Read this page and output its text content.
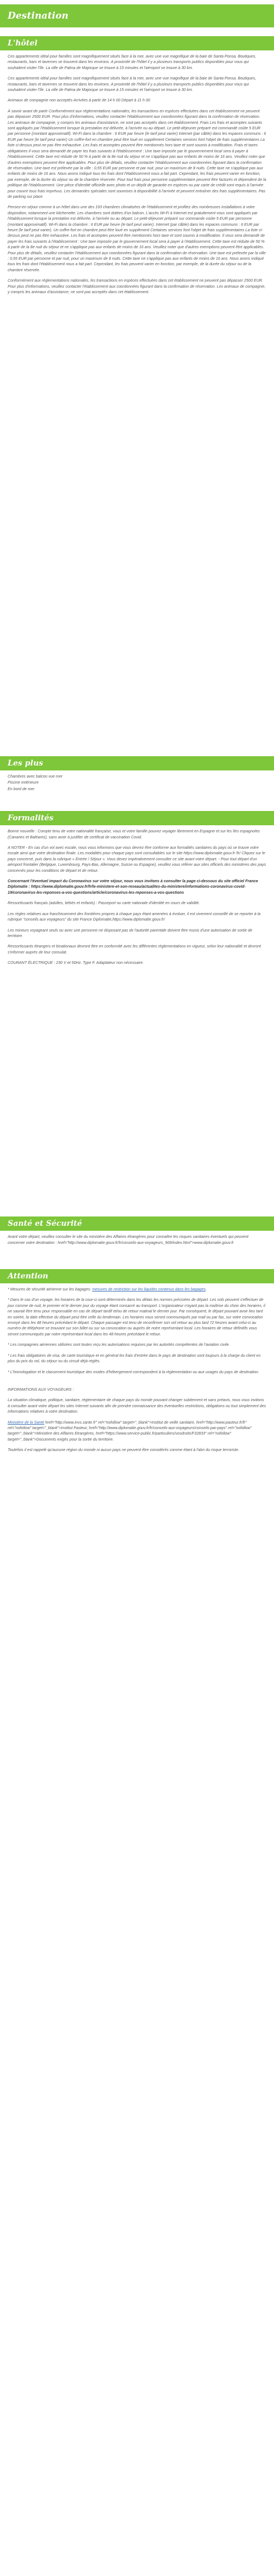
Destination
L'hôtel

Ces appartements idéal pour familles sont magnifiquement situés face à la mer, avec une vue magnifique de la baie de Santa Ponsa. Boutiques, restaurants, bars et tavernes se trouvent dans les environs. A proximité de l'hôtel il y a plusieurs transports publics disponibles pour vous qui souhaitent visiter l'île. La ville de Palma de Majorque se trouve à 15 minutes et l'aéroport se trouve à 30 km.

Ces appartements idéal pour familles sont magnifiquement situés face à la mer, avec une vue magnifique de la baie de Santa Ponsa. Boutiques, restaurants, bars et tavernes se trouvent dans les environs. A proximité de l'hôtel il y a plusieurs transports publics disponibles pour vous qui souhaitent visiter l'île. La ville de Palma de Majorque se trouve à 15 minutes et l'aéroport se trouve à 30 km.

Animaux de compagnie non acceptés Arrivées à partir de 14 h 00 Départ à 11 h 00

À savoir avant de partir Conformément aux réglementations nationales, les transactions en espèces effectuées dans cet établissement ne peuvent pas dépasser 2500 EUR. Pour plus d'informations, veuillez contacter l'établissement aux coordonnées figurant dans la confirmation de réservation. Les animaux de compagnie, y compris les animaux d'assistance, ne sont pas acceptés dans cet établissement. Frais Les frais et acomptes suivants sont appliqués par l'établissement lorsque la prestation est délivrée, à l'arrivée ou au départ. Le petit-déjeuner préparé est commandé coûte 5 EUR par personne (montant approximatif). Wi-Fi dans la chambre : 6 EUR par heure (le tarif peut varier) Internet (par câble) dans les espaces communs : 6 EUR par heure (le tarif peut varier) Un coffre-fort en chambre peut être loué en supplément Certaines services font l'objet de frais supplémentaires La liste ci-dessus peut ne pas être exhaustive. Les frais et acomptes peuvent être mentionnés hors taxe et sont soumis à modification. Frais et taxes obligatoires Il vous sera demandé de payer les frais suivants à l'établissement : Une taxe imposée par le gouvernement local sera à payer à l'établissement. Cette taxe est réduite de 50 % à partir de la 8e nuit du séjour et ne s'applique pas aux enfants de moins de 16 ans. Veuillez noter que d'autres exemptions peuvent être applicables. Pour plus de détails, veuillez contacter l'établissement aux coordonnées figurant dans la confirmation de réservation. Une taxe est prélevée par la ville : 0,55 EUR par personne et par nuit, pour un maximum de 8 nuits. Cette taxe ne s'applique pas aux enfants de moins de 16 ans. Nous avons indiqué tous les frais dont l'établissement nous a fait part. Cependant, les frais peuvent varier en fonction, par exemple, de la durée du séjour ou de la chambre réservée. Pour tout frais pour personne supplémentaire peuvent être facturés et dépendent de la politique de l'établissement. Une pièce d'identité officielle avec photo et un dépôt de garantie en espèces ou par carte de crédit sont requis à l'arrivée pour couvrir tous frais imprévus. Les demandes spéciales sont soumises à disponibilité à l'arrivée et peuvent entraîner des frais supplémentaires. Pas de parking sur place

Pensez-en séjour comme à un hôtel dans une des 193 chambres climatisées de l'établissement et profitez des nombreuses installations à votre disposition, notamment une kitchenette. Les chambres sont dotées d'un balcon. L'accès Wi-Fi à Internet est gratuitement vous sont appliqués par l'établissement lorsque la prestation est délivrée, à l'arrivée ou au départ. Le petit-déjeuner préparé sur commande coûte 5 EUR par personne (montant approximatif). Wi-Fi dans la chambre : 6 EUR par heure (le tarif peut varier). Internet (par câble) dans les espaces communs : 6 EUR par heure (le tarif peut varier). Un coffre-fort en chambre peut être loué en supplément Certaines services font l'objet de frais supplémentaires La liste ci-dessus peut ne pas être exhaustive. Les frais et acomptes peuvent être mentionnés hors taxe et sont soumis à modification. Il vous sera demandé de payer les frais suivants à l'établissement : Une taxe imposée par le gouvernement local sera à payer à l'établissement. Cette taxe est réduite de 50 % à partir de la 8e nuit du séjour et ne s'applique pas aux enfants de moins de 16 ans. Veuillez noter que d'autres exemptions peuvent être applicables. Pour plus de détails, veuillez contacter l'établissement aux coordonnées figurant dans la confirmation de réservation. Une taxe est prélevée par la ville : 0,55 EUR par personne et par nuit, pour un maximum de 8 nuits. Cette taxe ne s'applique pas aux enfants de moins de 16 ans. Nous avons indiqué tous les frais dont l'établissement nous a fait part. Cependant, les frais peuvent varier en fonction, par exemple, de la durée du séjour ou de la chambre réservée.

Conformément aux réglementations nationales, les transactions en espèces effectuées dans cet établissement ne peuvent pas dépasser 2500 EUR. Pour plus d'informations, veuillez contacter l'établissement aux coordonnées figurant dans la confirmation de réservation. Les animaux de compagnie, y compris les animaux d'assistance, ne sont pas acceptés dans cet établissement.

Les plus

Chambres avec balcon vue mer

Piscine extérieure

En bord de mer

Formalités

Bonne nouvelle : Compte tenu de votre nationalité française, vous et votre famille pouvez voyager librement en Espagne et sur les îles espagnoles (Canaries et Baléares), sans avoir à justifier de certificat de vaccination Covid.

A NOTER - En cas d'un vol avec escale, nous vous informons que vous devrez être conforme aux formalités sanitaires du pays où se trouve votre escale ainsi que votre destination finale. Les modalités pour chaque pays sont consultables sur le site https://www.diplomatie.gouv.fr /fr/ Cliquez sur le pays concerné, puis dans la rubrique « Entrée / Séjour ». Vous devez impérativement consulter ce site avant votre départ. - Pour tout départ d'un aéroport frontalier (Belgique, Luxembourg, Pays-Bas, Allemagne, Suisse ou Espagne), veuillez vous référer aux sites officiels des ministères des pays concernés pour les conditions de départ et de retour.

Concernant l'éventuel impact du Coronavirus sur votre séjour, nous vous invitons à consulter la page ci-dessous du site officiel France Diplomatie : https://www.diplomatie.gouv.fr/fr/le-ministere-et-son-reseau/actualites-du-ministere/informations-coronavirus-covid-19/coronavirus-les-reponses-a-vos-questions/article/coronavirus-les-reponses-a-vos-questions

Ressortissants français (adultes, bébés et enfants) : Passeport ou carte nationale d'identité en cours de validité.

Les règles relatives aux franchissement des frontières propres à chaque pays étant amenées à évoluer, il est vivement conseillé de se reporter à la rubrique "conseils aux voyageurs" du site France Diplomatie,https://www.diplomatie.gouv.fr/

Les mineurs voyageant seuls ou avec une personne ne disposant pas de l'autorité parentale doivent être munis d'une autorisation de sortie de territoire.

Ressortissants étrangers et binationaux devront être en conformité avec les différentes réglementations en vigueur, selon leur nationalité et devront s'informer auprès de leur consulat.

COURANT ÉLECTRIQUE : 230 V et 50Hz. Type F. Adaptateur non nécessaire.

Santé et Sécurité

Avant votre départ, veuillez consulter le site du ministère des Affaires étrangères pour connaître les risques sanitaires éventuels qui peuvent concerner votre destination : href="http://www.diplomatie.gouv.fr/fr/conseils-aux-voyageurs_909/index.html">www.diplomatie.gouv.fr

Attention

* Mesures de sécurité aérienne sur les bagages: mesures de restriction sur les liquides contenus dans les bagages.

* Dans le cas d'un voyage, les horaires de la cour-ci sont déterminés dans les délais les normes précisées de départ. Les vols peuvent s'effectuer de jour comme de nuit, le premier et le dernier jour du voyage étant consacré au transport. L'organisateur n'ayant pas la maîtrise du choix des horaires, il ne saurait être tenu pour responsable en cas de départ tardif et/ou de retour matinal le dernier jour. Par conséquent, le départ pouvant avoir lieu tard en soirée, la date effective du départ peut être celle du lendemain. Les horaires vous seront communiqués par mail ou par fax, sur votre convocation envoyé dans les 48 heures précédant le départ. Chaque passager est tenu de reconfirmer son vol retour au plus tard 72 heures avant celui-ci au numéro de téléphone se trouvant sur son billet ou sur sa convocation ou auprès de notre représentant local. Les horaires de retour définitifs vous seront communiqués par notre représentant local dans les 48 heures précédant le retour.

* Les compagnies aériennes utilisées sont toutes reçu les autorisations requises par les autorités compétentes de l'aviation civile.

* Les frais obligatoires de visa, de carte touristique et en général les frais d'entrée dans le pays de destination sont toujours à la charge du client en plus du prix du vol, du séjour ou du circuit déjà réglés.

* L'homologation et le classement touristique des modes d'hébergement correspondent à la réglementation ou aux usages du pays de destination.

INFORMATIONS AUX VOYAGEURS :

La situation climatique, politique, sanitaire, réglementaire de chaque pays du monde pouvant changer subitement et sans préavis, nous vous invitons à consulter avant votre départ les sites Internet suivants afin de prendre connaissance des éventuelles restrictions, obligations ou tout simplement des informations relatives à votre destination.

Ministère de la Santé href="http://www.invs.sante.fr" rel="nofollow" target="_blank">Institut de veille sanitaire, href="http://www.pasteur.fr/fr" rel="nofollow" target="_blank">Institut Pasteur, href="http://www.diplomatie.gouv.fr/fr/conseils-aux-voyageurs/conseils-par-pays" rel="nofollow" target="_blank">Ministère des Affaires Etrangères, href="https://www.service-public.fr/particuliers/vosdroits/F32833" rel="nofollow" target="_blank">Documents exigés pour la sortie du territoire.

Toutefois il est rappelé qu'aucune région du monde ni aucun pays ne peuvent être considérés comme étant à l'abri du risque terroriste.
